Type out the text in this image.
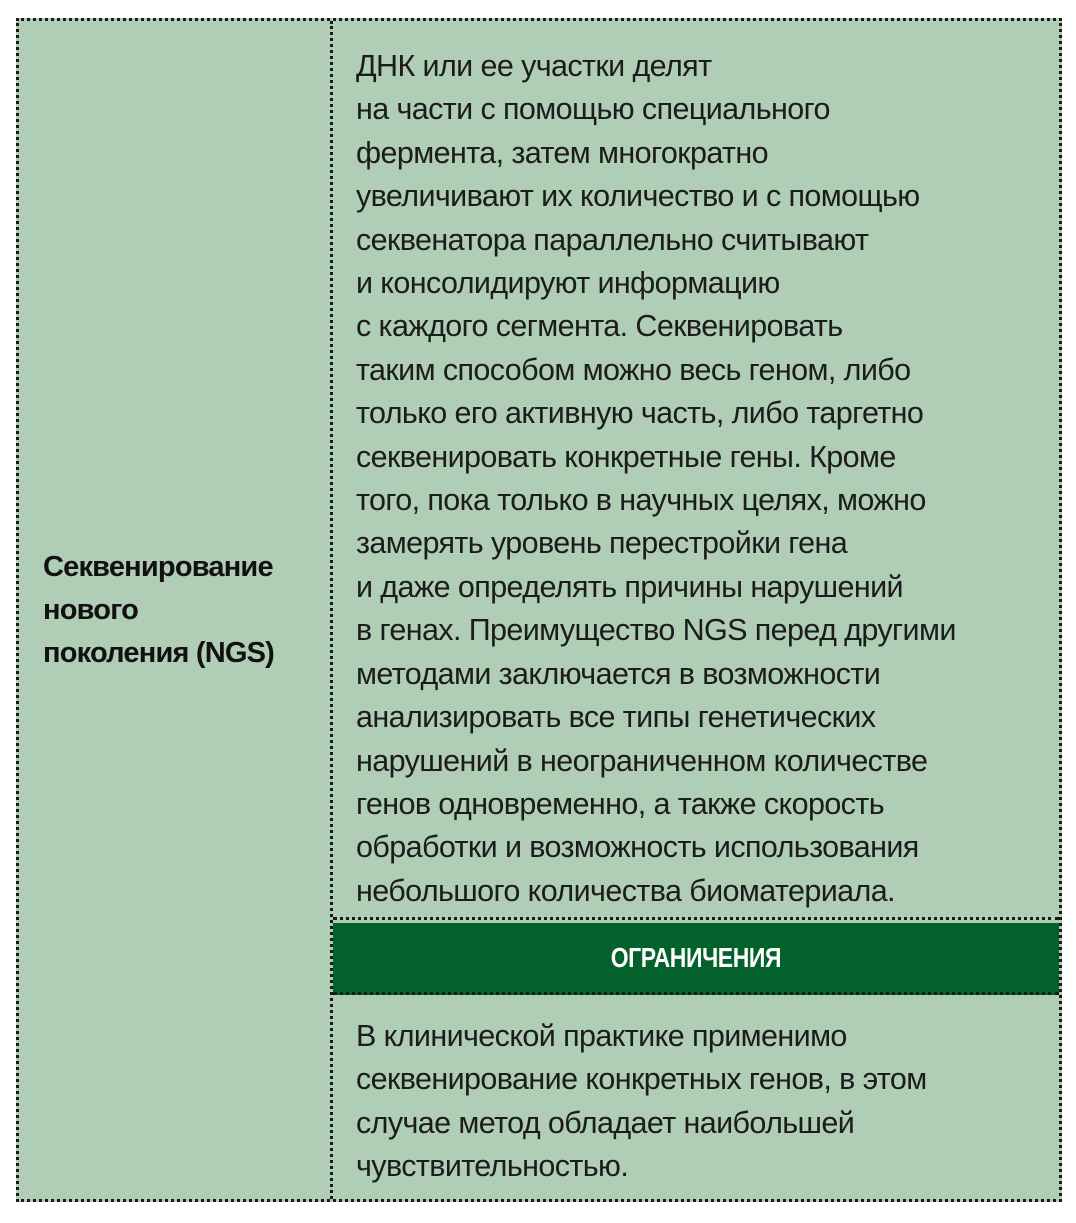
Секвенирование
нового
поколения (NGS)
ДНК или ее участки делят
на части с помощью специального
фермента, затем многократно
увеличивают их количество и с помощью
секвенатора параллельно считывают
и консолидируют информацию
с каждого сегмента. Секвенировать
таким способом можно весь геном, либо
только его активную часть, либо таргетно
секвенировать конкретные гены. Кроме
того, пока только в научных целях, можно
замерять уровень перестройки гена
и даже определять причины нарушений
в генах. Преимущество NGS перед другими
методами заключается в возможности
анализировать все типы генетических
нарушений в неограниченном количестве
генов одновременно, а также скорость
обработки и возможность использования
небольшого количества биоматериала.
ОГРАНИЧЕНИЯ
В клинической практике применимо
секвенирование конкретных генов, в этом
случае метод обладает наибольшей
чувствительностью.
